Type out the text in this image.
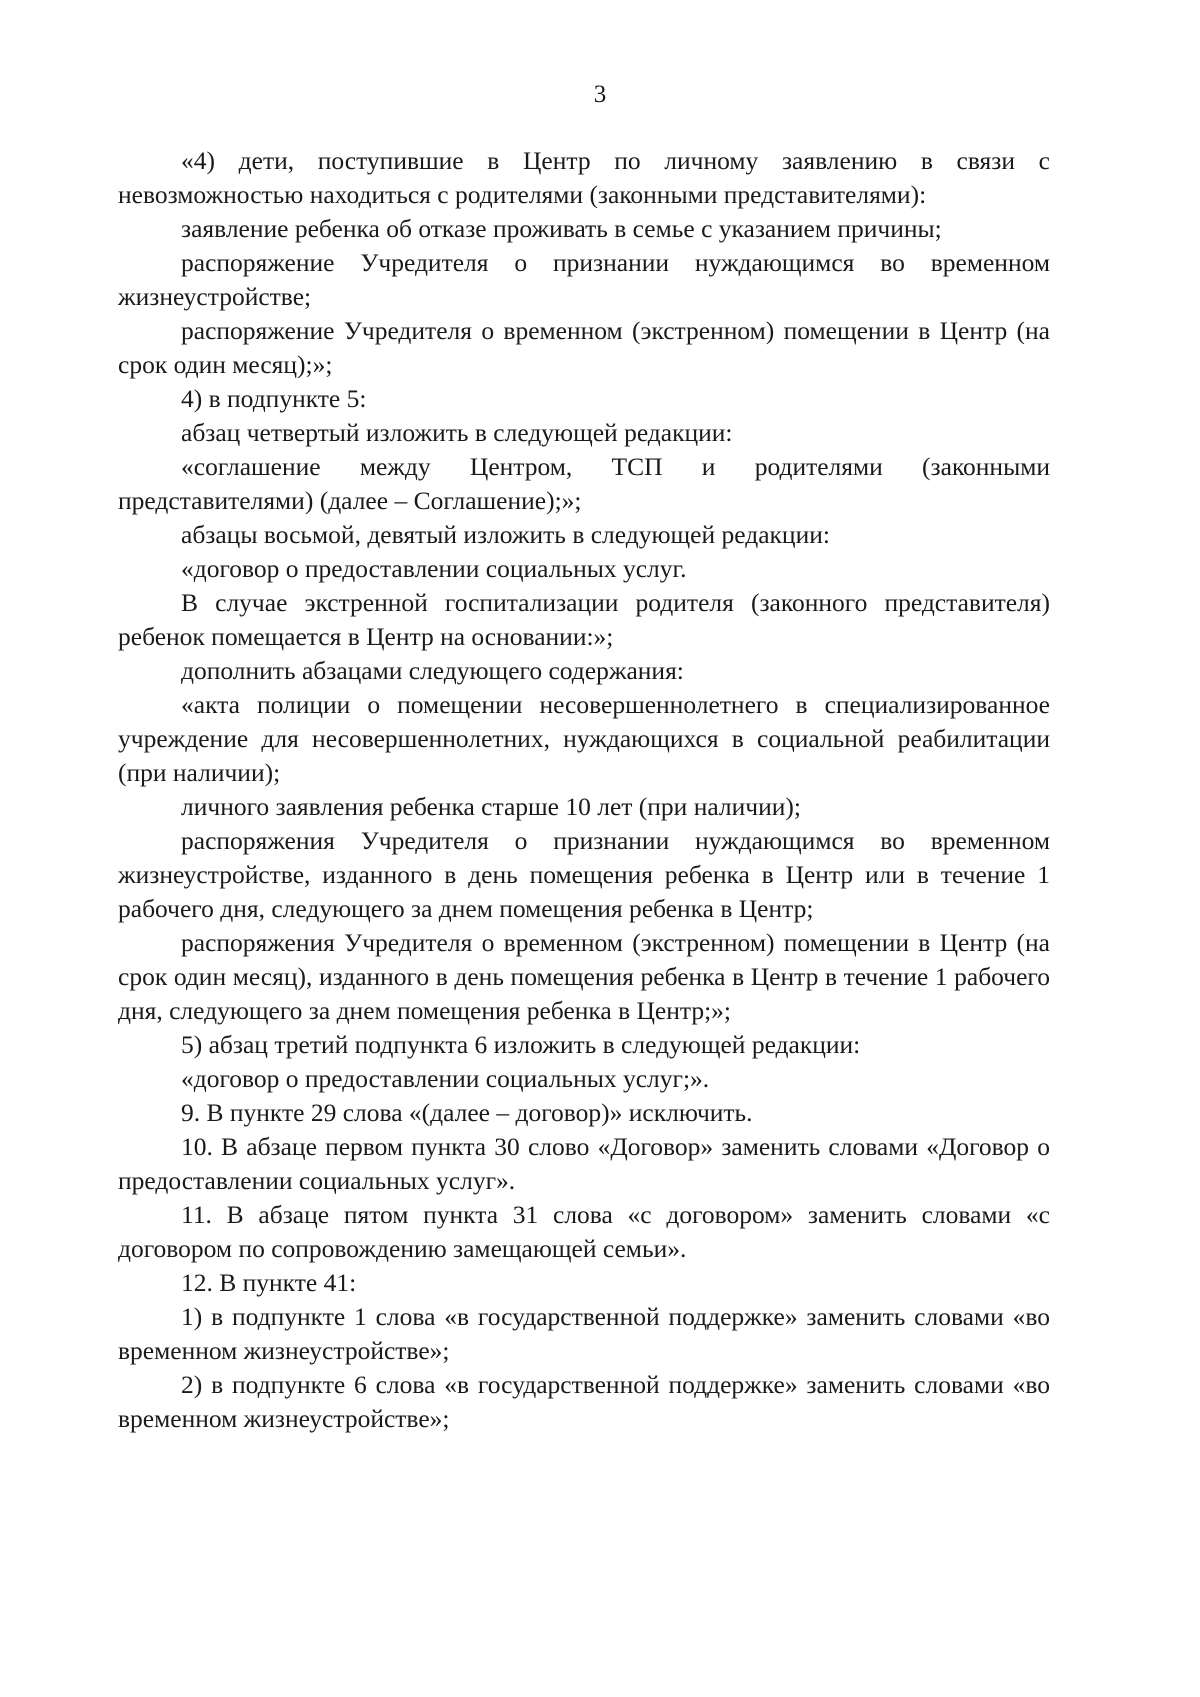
3

«4) дети, поступившие в Центр по личному заявлению в связи с невозможностью находиться с родителями (законными представителями):

заявление ребенка об отказе проживать в семье с указанием причины;

распоряжение Учредителя о признании нуждающимся во временном жизнеустройстве;

распоряжение Учредителя о временном (экстренном) помещении в Центр (на срок один месяц);»;

4) в подпункте 5:

абзац четвертый изложить в следующей редакции:

«соглашение между Центром, ТСП и родителями (законными представителями) (далее – Соглашение);»;

абзацы восьмой, девятый изложить в следующей редакции:

«договор о предоставлении социальных услуг.

В случае экстренной госпитализации родителя (законного представителя) ребенок помещается в Центр на основании:»;

дополнить абзацами следующего содержания:

«акта полиции о помещении несовершеннолетнего в специализированное учреждение для несовершеннолетних, нуждающихся в социальной реабилитации (при наличии);

личного заявления ребенка старше 10 лет (при наличии);

распоряжения Учредителя о признании нуждающимся во временном жизнеустройстве, изданного в день помещения ребенка в Центр или в течение 1 рабочего дня, следующего за днем помещения ребенка в Центр;

распоряжения Учредителя о временном (экстренном) помещении в Центр (на срок один месяц), изданного в день помещения ребенка в Центр в течение 1 рабочего дня, следующего за днем помещения ребенка в Центр;»;

5) абзац третий подпункта 6 изложить в следующей редакции:

«договор о предоставлении социальных услуг;».

9. В пункте 29 слова «(далее – договор)» исключить.

10. В абзаце первом пункта 30 слово «Договор» заменить словами «Договор о предоставлении социальных услуг».

11. В абзаце пятом пункта 31 слова «с договором» заменить словами «с договором по сопровождению замещающей семьи».

12. В пункте 41:

1) в подпункте 1 слова «в государственной поддержке» заменить словами «во временном жизнеустройстве»;

2) в подпункте 6 слова «в государственной поддержке» заменить словами «во временном жизнеустройстве»;
